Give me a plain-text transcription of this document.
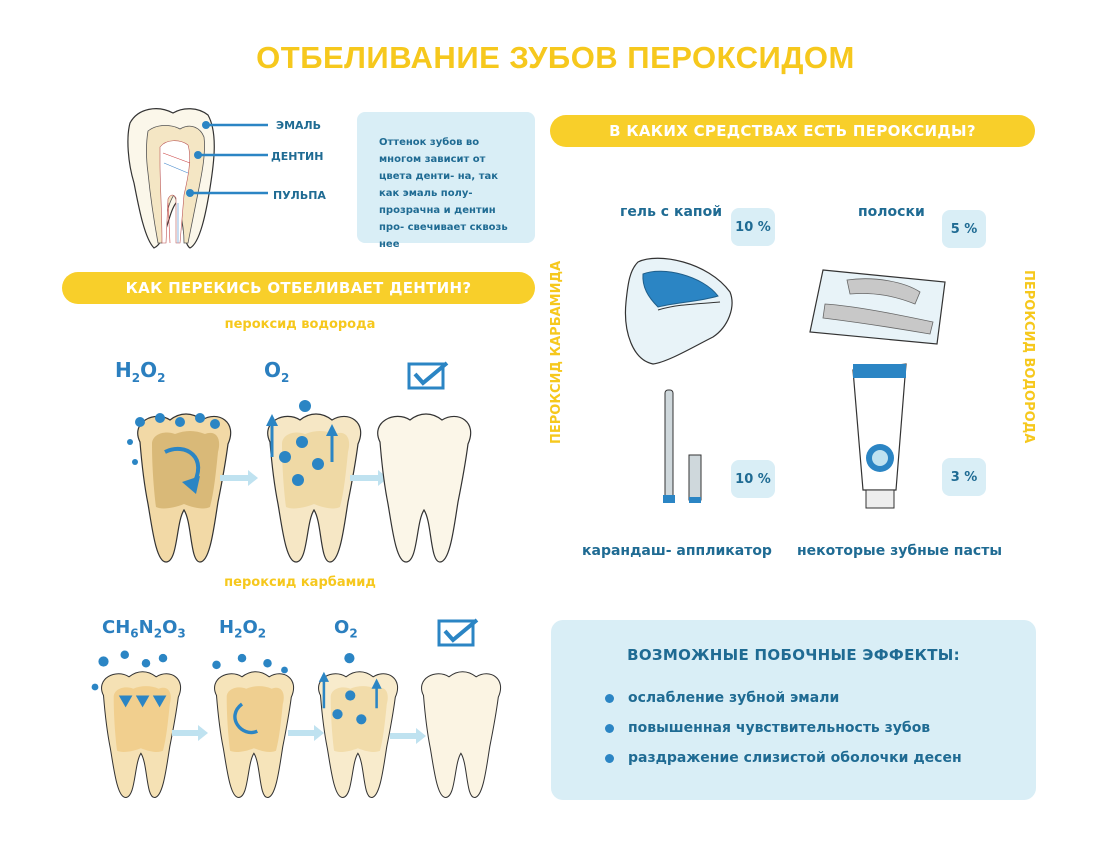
ОТБЕЛИВАНИЕ ЗУБОВ ПЕРОКСИДОМ
ЭМАЛЬ
ДЕНТИН
ПУЛЬПА
Оттенок зубов во многом зависит от цвета денти- на, так как эмаль полу- прозрачна и дентин про- свечивает сквозь нее
КАК ПЕРЕКИСЬ ОТБЕЛИВАЕТ ДЕНТИН?
пероксид водорода
$H_2O_2$	$O_2$
пероксид карбамид
$CH_6N_2O_3$ $H_2O_2$	$O_2$
В КАКИХ СРЕДСТВАХ ЕСТЬ ПЕРОКСИДЫ?
ПЕРОКСИД КАРБАМИДА	ПЕРОКСИД ВОДОРОДА
гель с капой
10 %
полоски
5 %
10 %	3 %
карандаш- аппликатор некоторые зубные пасты
ВОЗМОЖНЫЕ ПОБОЧНЫЕ ЭФФЕКТЫ:
ослабление зубной эмали
повышенная чувствительность зубов
раздражение слизистой оболочки десен
